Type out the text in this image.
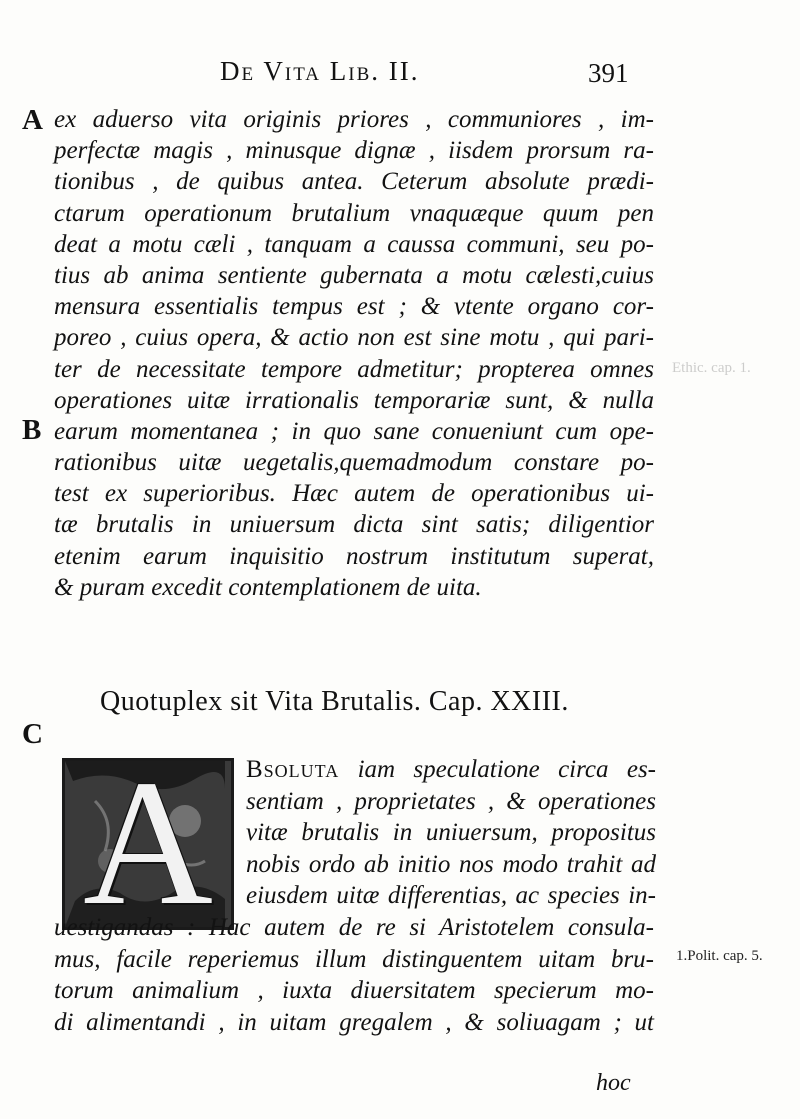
De Vita Lib. II.	391
A
B
C
Ethic. cap. 1.
1.Polit. cap. 5.
ex aduerso vita originis priores , communiores , im-
perfectæ magis , minusque dignæ , iisdem prorsum ra-
tionibus , de quibus antea. Ceterum absolute prædi-
ctarum operationum brutalium vnaquæque quum pen
deat a motu cæli , tanquam a caussa communi, seu po-
tius ab anima sentiente gubernata a motu cælesti,cuius
mensura essentialis tempus est ; & vtente organo cor-
poreo , cuius opera, & actio non est sine motu , qui pari-
ter de necessitate tempore admetitur; propterea omnes
operationes uitæ irrationalis temporariæ sunt, & nulla
earum momentanea ; in quo sane conueniunt cum ope-
rationibus uitæ uegetalis,quemadmodum constare po-
test ex superioribus. Hæc autem de operationibus ui-
tæ brutalis in uniuersum dicta sint satis; diligentior
etenim earum inquisitio nostrum institutum superat,
& puram excedit contemplationem de uita.
Quotuplex sit Vita Brutalis. Cap. XXIII.
A	Bsoluta iam speculatione circa es-
sentiam , proprietates , & operationes
vitæ brutalis in uniuersum, propositus
nobis ordo ab initio nos modo trahit ad
eiusdem uitæ differentias, ac species in-
uestigandas : Hac autem de re si Aristotelem consula-
mus, facile reperiemus illum distinguentem uitam bru-
torum animalium , iuxta diuersitatem specierum mo-
di alimentandi , in uitam gregalem , & soliuagam ; ut
hoc
